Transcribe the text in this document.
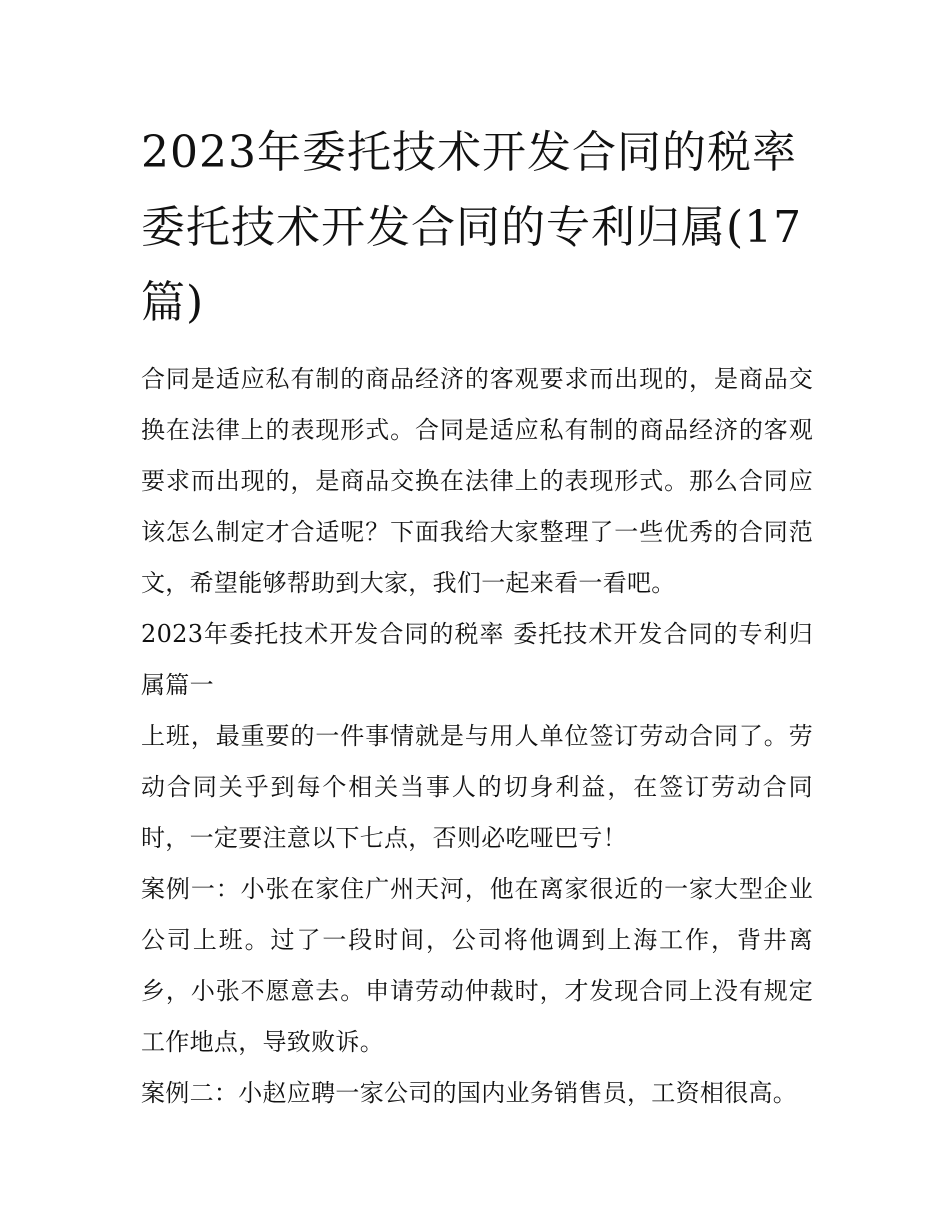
2023年委托技术开发合同的税率 委托技术开发合同的专利归属(17篇)

合同是适应私有制的商品经济的客观要求而出现的，是商品交换在法律上的表现形式。合同是适应私有制的商品经济的客观要求而出现的，是商品交换在法律上的表现形式。那么合同应该怎么制定才合适呢？下面我给大家整理了一些优秀的合同范文，希望能够帮助到大家，我们一起来看一看吧。

2023年委托技术开发合同的税率 委托技术开发合同的专利归属篇一

上班，最重要的一件事情就是与用人单位签订劳动合同了。劳动合同关乎到每个相关当事人的切身利益，在签订劳动合同时，一定要注意以下七点，否则必吃哑巴亏！

案例一：小张在家住广州天河，他在离家很近的一家大型企业公司上班。过了一段时间，公司将他调到上海工作，背井离乡，小张不愿意去。申请劳动仲裁时，才发现合同上没有规定工作地点，导致败诉。

案例二：小赵应聘一家公司的国内业务销售员，工资相很高。
